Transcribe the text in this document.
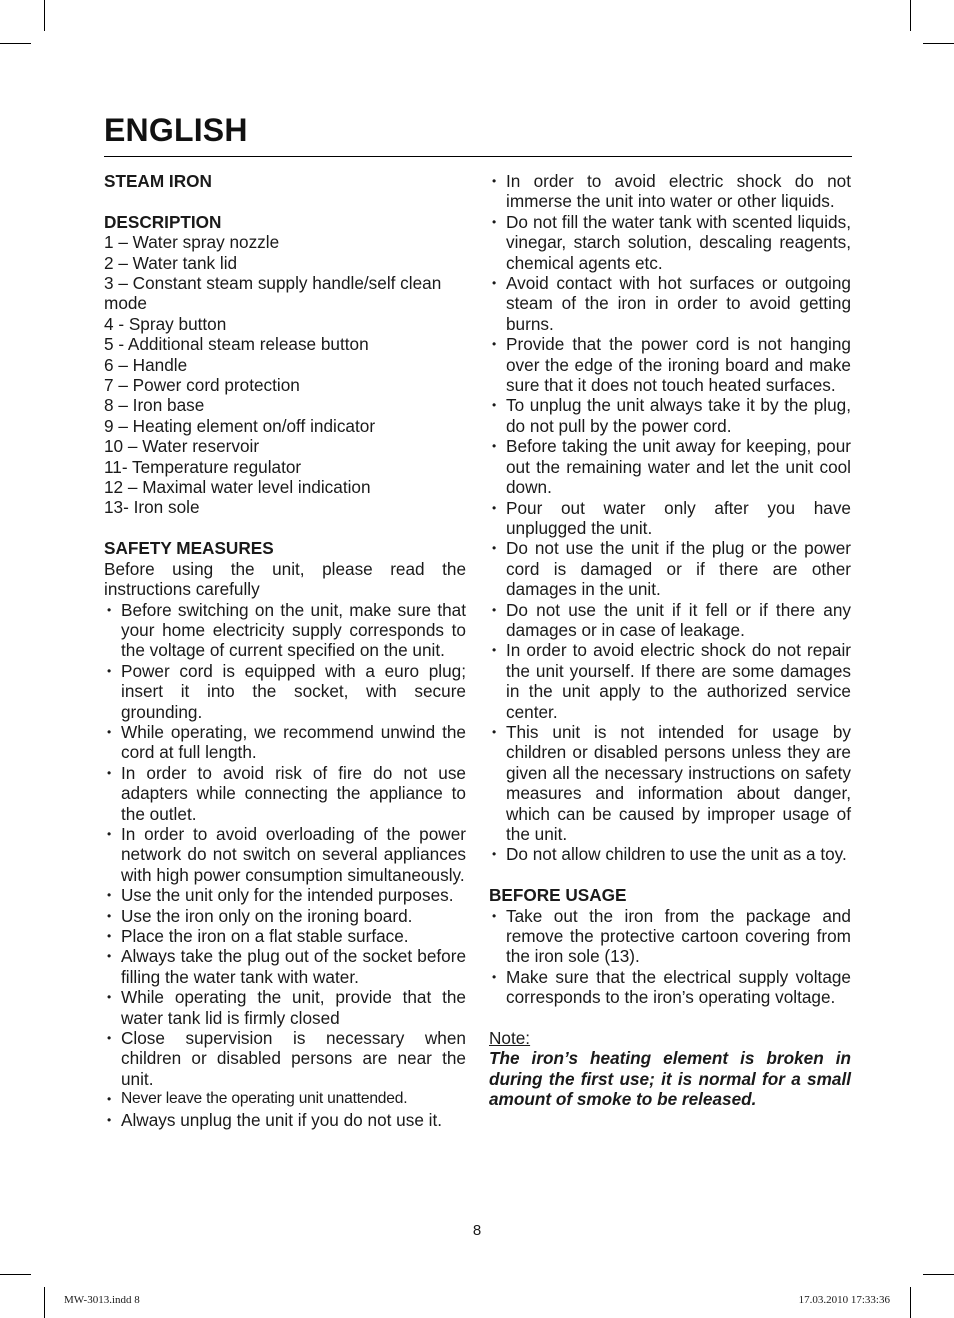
ENGLISH

STEAM IRON

DESCRIPTION

1 – Water spray nozzle

2 – Water tank lid

3 – Constant steam supply handle/self clean mode

4 - Spray button

5 - Additional steam release button

6 – Handle

7 – Power cord protection

8 – Iron base

9 – Heating element on/off indicator

10 – Water reservoir

11- Temperature regulator

12 – Maximal water level indication

13- Iron sole

SAFETY MEASURES

Before using the unit, please read the instructions carefully

• Before switching on the unit, make sure that your home electricity supply corresponds to the voltage of current specified on the unit.
• Power cord is equipped with a euro plug; insert it into the socket, with secure grounding.
• While operating, we recommend unwind the cord at full length.
• In order to avoid risk of fire do not use adapters while connecting the appliance to the outlet.
• In order to avoid overloading of the power network do not switch on several appliances with high power consumption simultaneously.
• Use the unit only for the intended purposes.
• Use the iron only on the ironing board.
• Place the iron on a flat stable surface.
• Always take the plug out of the socket before filling the water tank with water.
• While operating the unit, provide that the water tank lid is firmly closed
• Close supervision is necessary when children or disabled persons are near the unit.
• Never leave the operating unit unattended.
• Always unplug the unit if you do not use it.
• In order to avoid electric shock do not immerse the unit into water or other liquids.
• Do not fill the water tank with scented liquids, vinegar, starch solution, descaling reagents, chemical agents etc.
• Avoid contact with hot surfaces or outgoing steam of the iron in order to avoid getting burns.
• Provide that the power cord is not hanging over the edge of the ironing board and make sure that it does not touch heated surfaces.
• To unplug the unit always take it by the plug, do not pull by the power cord.
• Before taking the unit away for keeping, pour out the remaining water and let the unit cool down.
• Pour out water only after you have unplugged the unit.
• Do not use the unit if the plug or the power cord is damaged or if there are other damages in the unit.
• Do not use the unit if it fell or if there any damages or in case of leakage.
• In order to avoid electric shock do not repair the unit yourself. If there are some damages in the unit apply to the authorized service center.
• This unit is not intended for usage by children or disabled persons unless they are given all the necessary instructions on safety measures and information about danger, which can be caused by improper usage of the unit.
• Do not allow children to use the unit as a toy.

BEFORE USAGE

• Take out the iron from the package and remove the protective cartoon covering from the iron sole (13).
• Make sure that the electrical supply voltage corresponds to the iron’s operating voltage.

Note:

The iron’s heating element is broken in during the first use; it is normal for a small amount of smoke to be released.

8
MW-3013.indd 8	17.03.2010 17:33:36
